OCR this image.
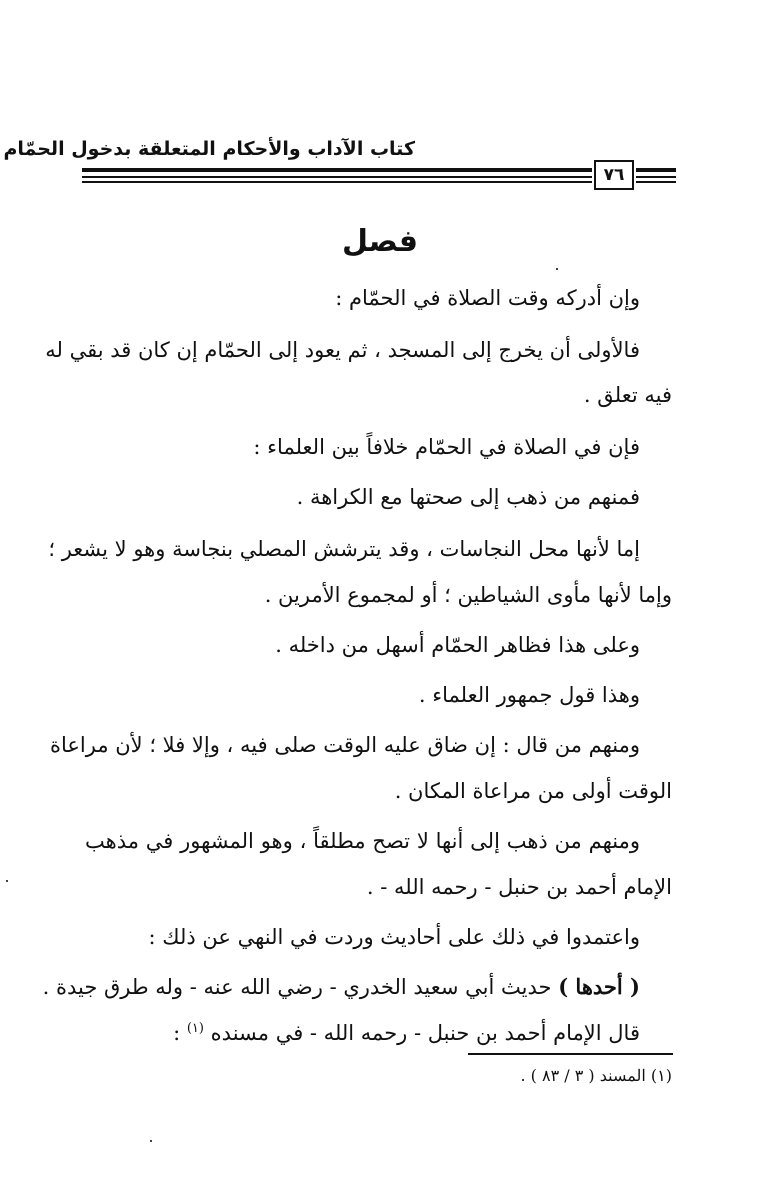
كتاب الآداب والأحكام المتعلقة بدخول الحمّام
٧٦
فصل
وإن أدركه وقت الصلاة في الحمّام :
فالأولى أن يخرج إلى المسجد ، ثم يعود إلى الحمّام إن كان قد بقي له
فيه تعلق .
فإن في الصلاة في الحمّام خلافاً بين العلماء :
فمنهم من ذهب إلى صحتها مع الكراهة .
إما لأنها محل النجاسات ، وقد يترشش المصلي بنجاسة وهو لا يشعر ؛
وإما لأنها مأوى الشياطين ؛ أو لمجموع الأمرين .
وعلى هذا فظاهر الحمّام أسهل من داخله .
وهذا قول جمهور العلماء .
ومنهم من قال : إن ضاق عليه الوقت صلى فيه ، وإلا فلا ؛ لأن مراعاة
الوقت أولى من مراعاة المكان .
ومنهم من ذهب إلى أنها لا تصح مطلقاً ، وهو المشهور في مذهب
الإمام أحمد بن حنبل - رحمه الله - .
واعتمدوا في ذلك على أحاديث وردت في النهي عن ذلك :
( أحدها ) حديث أبي سعيد الخدري - رضي الله عنه - وله طرق جيدة .
قال الإمام أحمد بن حنبل - رحمه الله - في مسنده $^{(١)}$ :
(١) المسند ( ٣ / ٨٣ ) .
